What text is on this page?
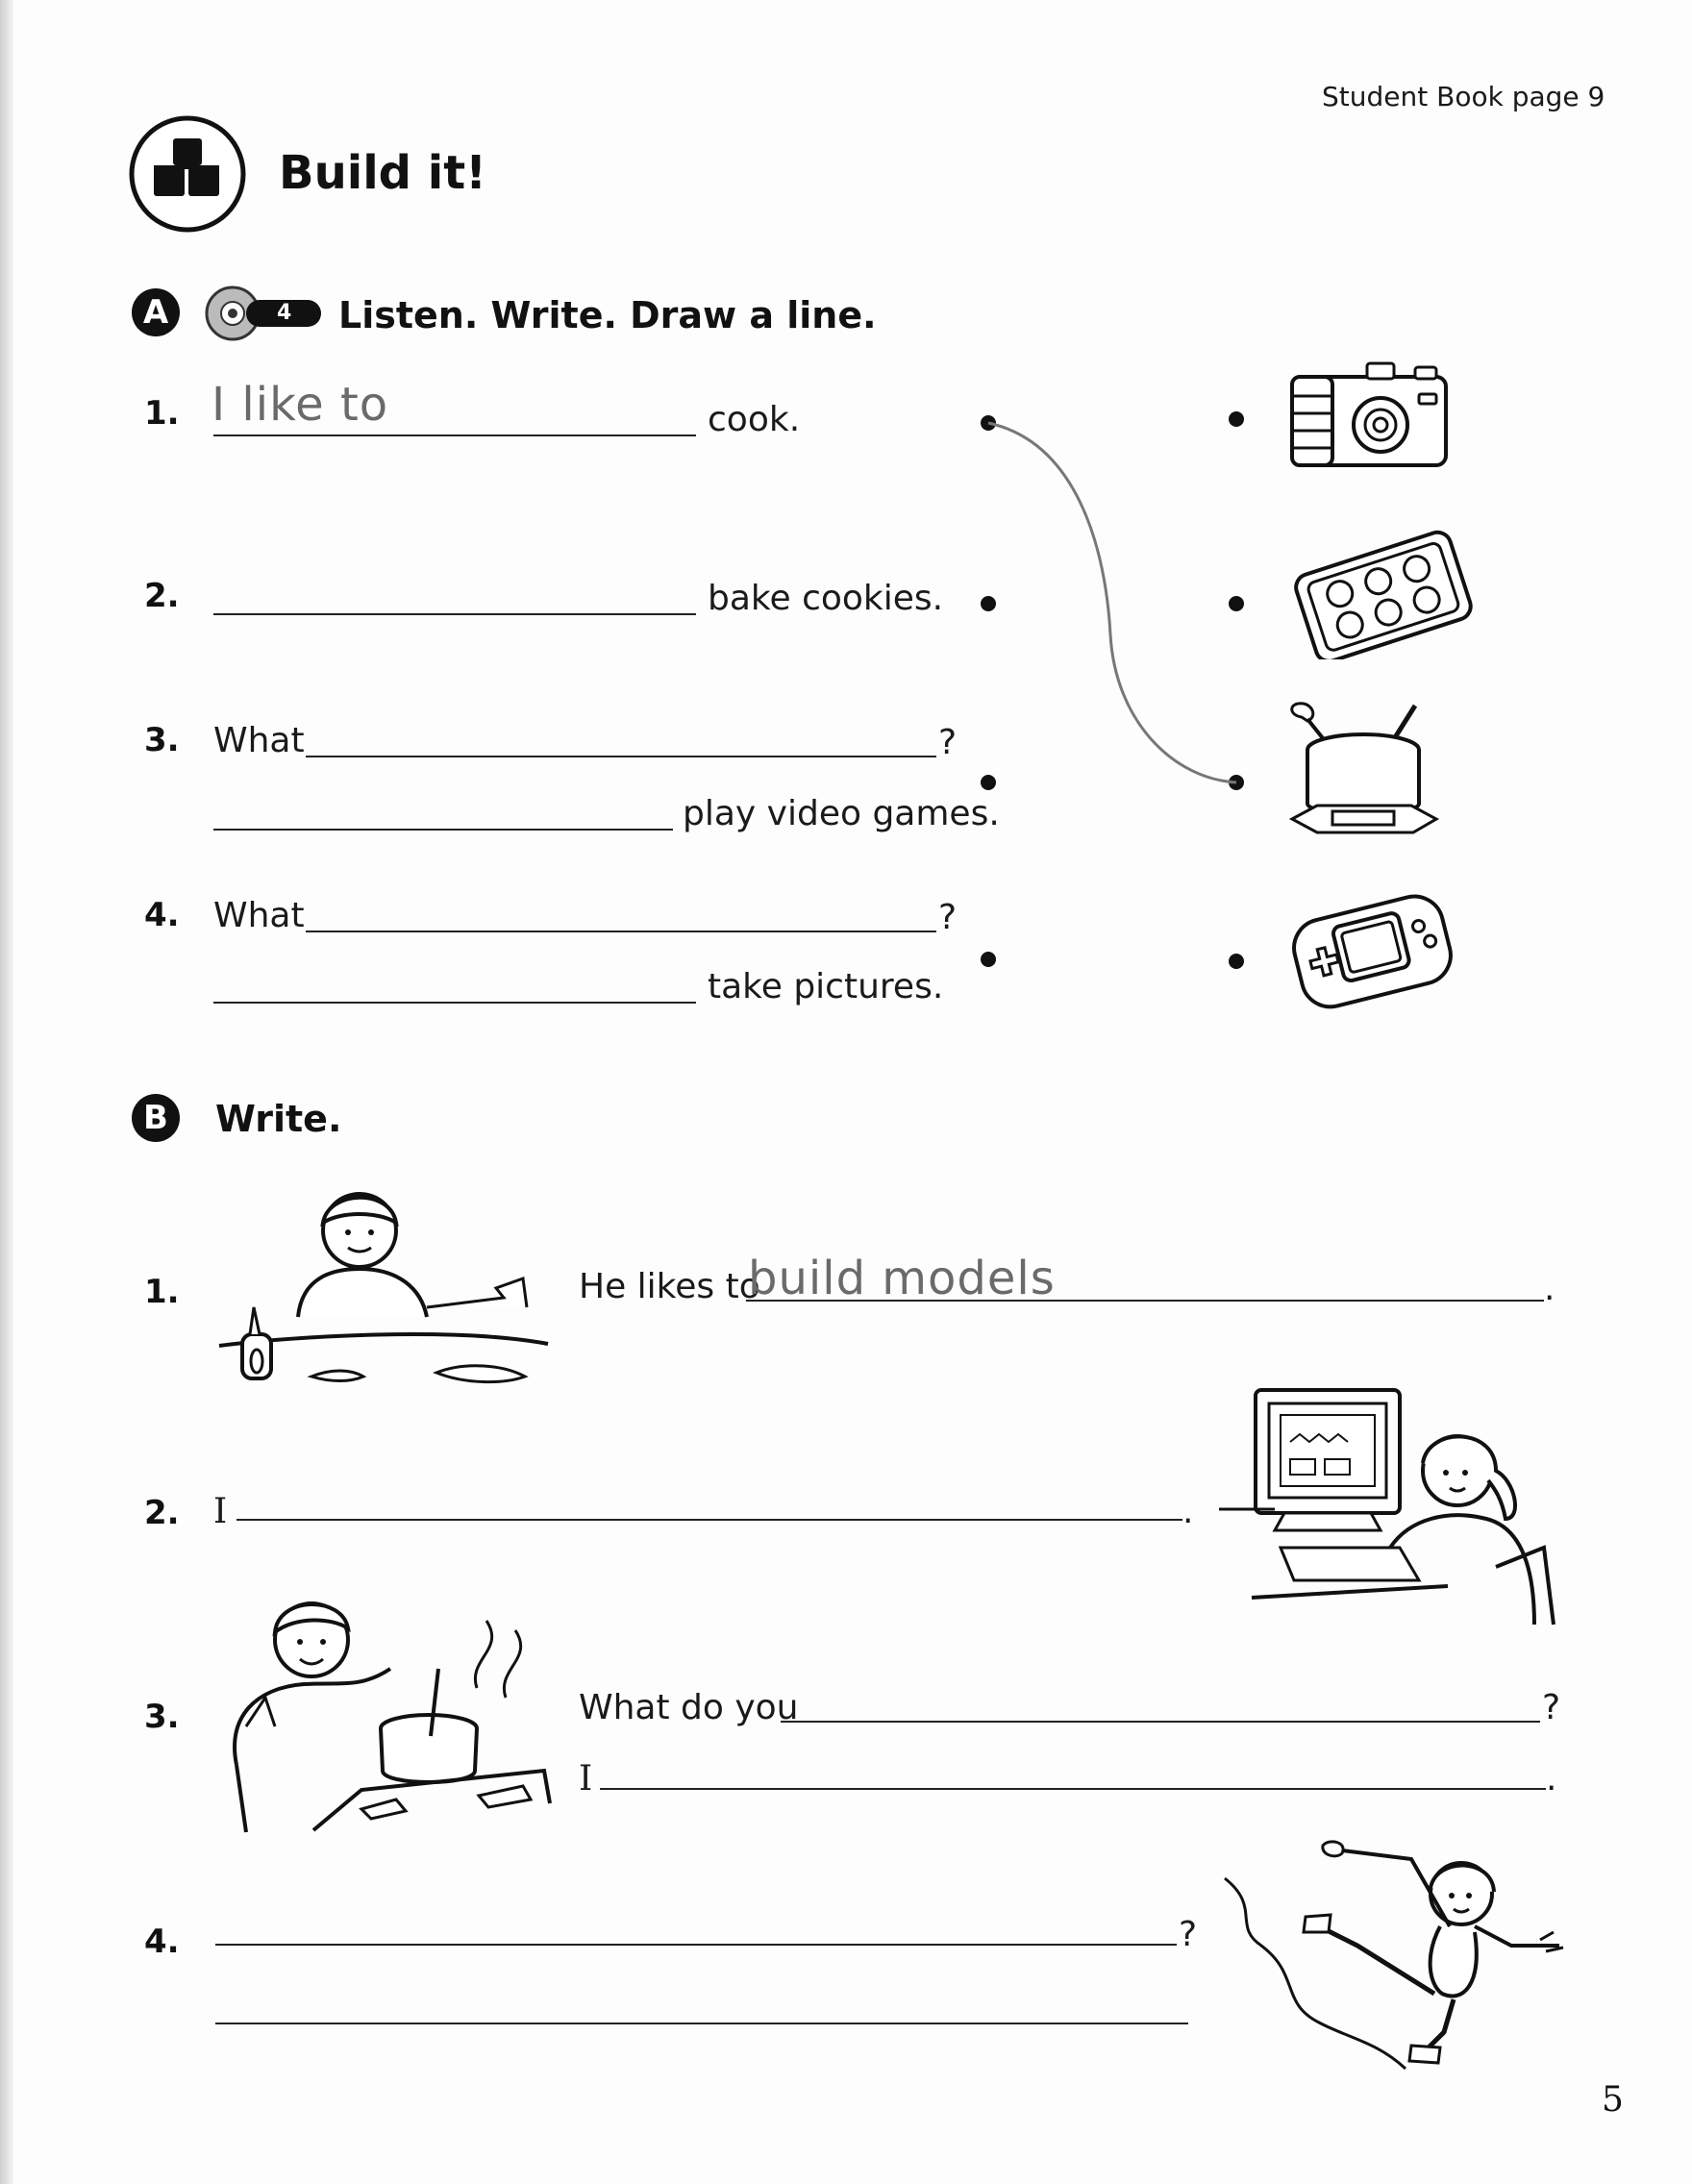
Student Book page 9
Build it!
A	4 Listen. Write. Draw a line.
1. I like to	cook.
2.	bake cookies.
3. What	?
play video games.
4. What	?
take pictures.
B	Write.
1.	He likes to
build models	.
2. I	.
3.	What do you	?
I	.
4.	?
5
